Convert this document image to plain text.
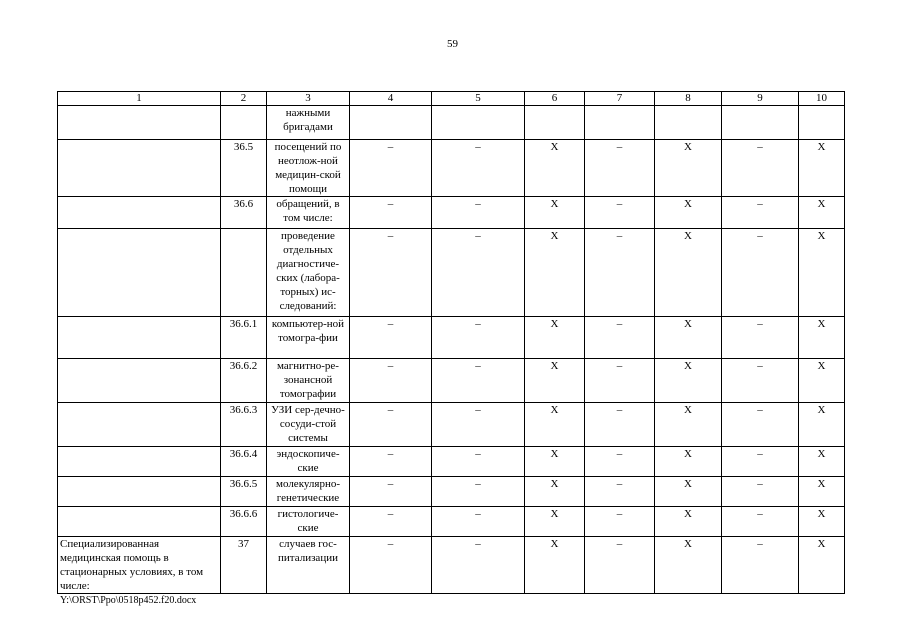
59
1	2	3	4	5	6	7	8	9	10
		нажными бригадами							
	36.5	посещений по неотлож-ной медицин-ской помощи	–	–	Х	–	Х	–	Х
	36.6	обращений, в том числе:	–	–	Х	–	Х	–	Х
		проведение отдельных диагностиче-ских (лабора-торных) ис-следований:	–	–	Х	–	Х	–	Х
	36.6.1	компьютер-ной томогра-фии	–	–	Х	–	Х	–	Х
	36.6.2	магнитно-ре-зонансной томографии	–	–	Х	–	Х	–	Х
	36.6.3	УЗИ сер-дечно-сосуди-стой системы	–	–	Х	–	Х	–	Х
	36.6.4	эндоскопиче-ские	–	–	Х	–	Х	–	Х
	36.6.5	молекулярно-генетические	–	–	Х	–	Х	–	Х
	36.6.6	гистологиче-ские	–	–	Х	–	Х	–	Х
Специализированная медицинская помощь в стационарных условиях, в том числе:	37	случаев гос-питализации	–	–	Х	–	Х	–	Х
Y:\ORST\Ppo\0518p452.f20.docx
